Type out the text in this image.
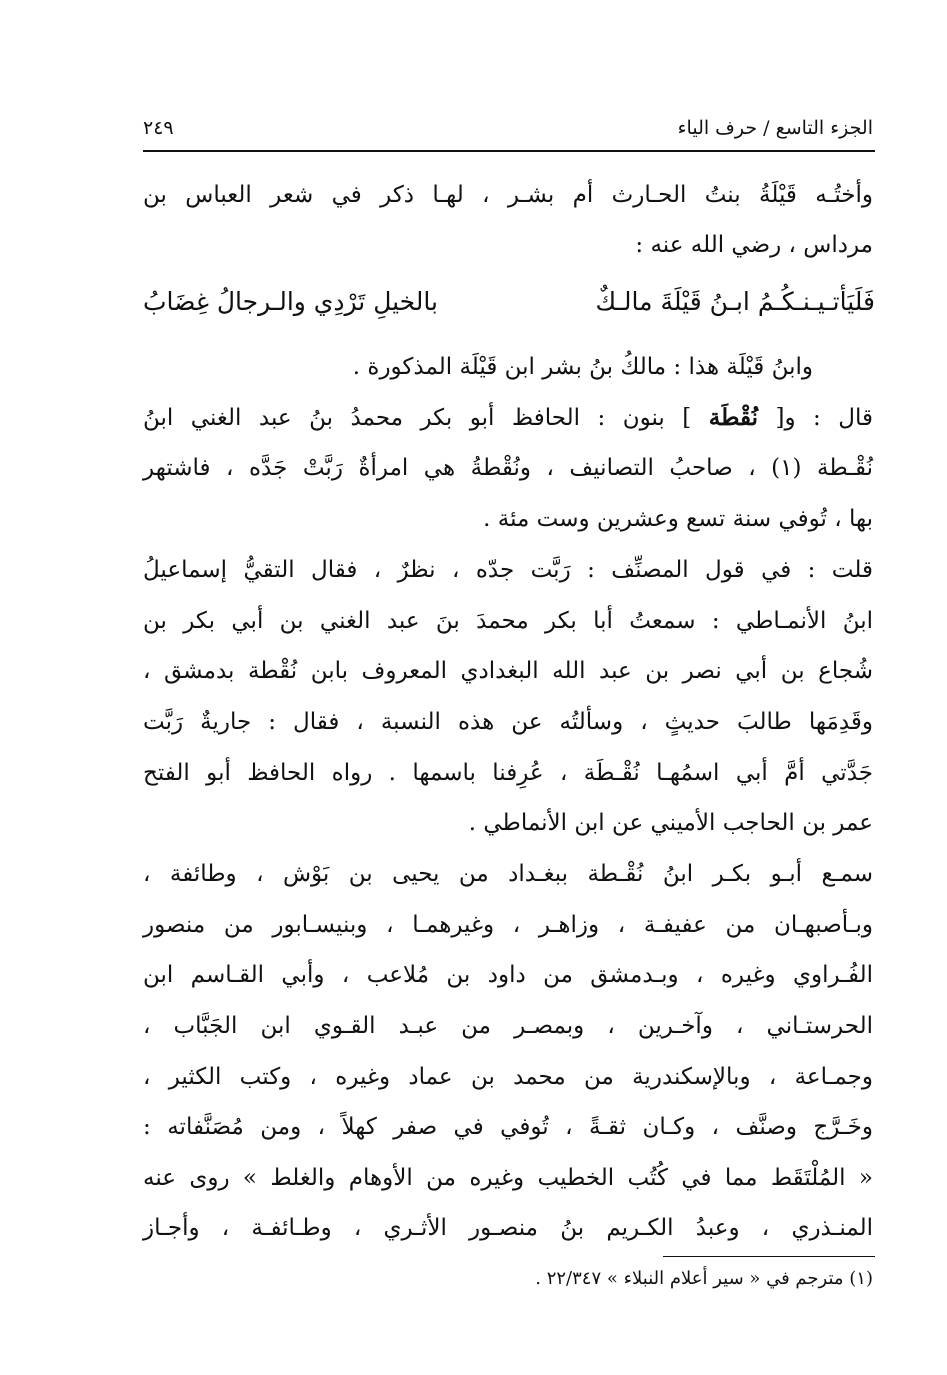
الجزء التاسع / حرف الياء
٢٤٩
وأختُـه قَيْلَةُ بنتُ الحـارث أم بشـر ، لهـا ذكر في شعر العباس بن
مرداس ، رضي الله عنه :
فَلَيَأتـيـنـكُـمُ ابـنُ قَيْلَةَ مالـكٌ
بالخيلِ تَرْدِي والـرجالُ غِضَابُ
وابنُ قَيْلَة هذا : مالكُ بنُ بشر ابن قَيْلَة المذكورة .
قال : و[ نُقْطَة ] بنون : الحافظ أبو بكر محمدُ بنُ عبد الغني ابنُ
نُقْـطة (١) ، صاحبُ التصانيف ، ونُقْطةُ هي امرأةٌ رَبَّتْ جَدَّه ، فاشتهر
بها ، تُوفي سنة تسع وعشرين وست مئة .
قلت : في قول المصنِّف : رَبَّت جدّه ، نظرٌ ، فقال التقيُّ إسماعيلُ
ابنُ الأنمـاطي : سمعتُ أبا بكر محمدَ بنَ عبد الغني بن أبي بكر بن
شُجاع بن أبي نصر بن عبد الله البغدادي المعروف بابن نُقْطة بدمشق ،
وقَدِمَها طالبَ حديثٍ ، وسألتُه عن هذه النسبة ، فقال : جاريةٌ رَبَّت
جَدَّتي أمَّ أبي اسمُهـا نُقْـطَة ، عُرِفنا باسمها . رواه الحافظ أبو الفتح
عمر بن الحاجب الأميني عن ابن الأنماطي .
سمـع أبـو بكـر ابنُ نُقْـطة ببغـداد من يحيى بن بَوْش ، وطائفة ،
وبـأصبهـان من عفيفـة ، وزاهـر ، وغيرهمـا ، وبنيسـابور من منصور
الفُـراوي وغيره ، وبـدمشق من داود بن مُلاعب ، وأبي القـاسم ابن
الحرستـاني ، وآخـرين ، وبمصـر من عبـد القـوي ابن الجَبَّاب ،
وجمـاعة ، وبالإسكندرية من محمد بن عماد وغيره ، وكتب الكثير ،
وخَـرَّج وصنَّف ، وكـان ثقـةً ، تُوفي في صفر كهلاً ، ومن مُصَنَّفاته :
« المُلْتَقَط مما في كُتُب الخطيب وغيره من الأوهام والغلط » روى عنه
المنـذري ، وعبدُ الكـريم بنُ منصـور الأثـري ، وطـائفـة ، وأجـاز
(١) مترجم في « سير أعلام النبلاء » ٢٢/٣٤٧ .
